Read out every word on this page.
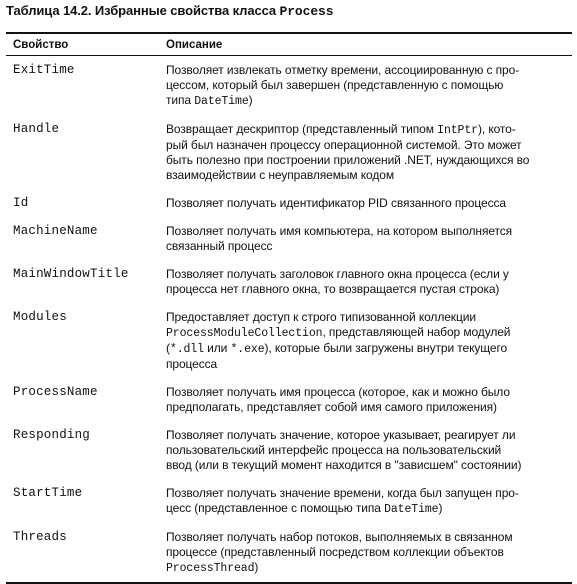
Таблица 14.2. Избранные свойства класса Process
Свойство	Описание
ExitTime	Позволяет извлекать отметку времени, ассоциированную с про-
цессом, который был завершен (представленную с помощью
типа DateTime)

Handle	Возвращает дескриптор (представленный типом IntPtr), кото-
рый был назначен процессу операционной системой. Это может
быть полезно при построении приложений .NET, нуждающихся во
взаимодействии с неуправляемым кодом

Id	Позволяет получать идентификатор PID связанного процесса

MachineName	Позволяет получать имя компьютера, на котором выполняется
связанный процесс

MainWindowTitle	Позволяет получать заголовок главного окна процесса (если у
процесса нет главного окна, то возвращается пустая строка)

Modules	Предоставляет доступ к строго типизованной коллекции
ProcessModuleCollection, представляющей набор модулей
(*.dll или *.exe), которые были загружены внутри текущего
процесса

ProcessName	Позволяет получать имя процесса (которое, как и можно было
предполагать, представляет собой имя самого приложения)

Responding	Позволяет получать значение, которое указывает, реагирует ли
пользовательский интерфейс процесса на пользовательский
ввод (или в текущий момент находится в "зависшем" состоянии)

StartTime	Позволяет получать значение времени, когда был запущен про-
цесс (представленное с помощью типа DateTime)

Threads	Позволяет получать набор потоков, выполняемых в связанном
процессе (представленный посредством коллекции объектов
ProcessThread)
